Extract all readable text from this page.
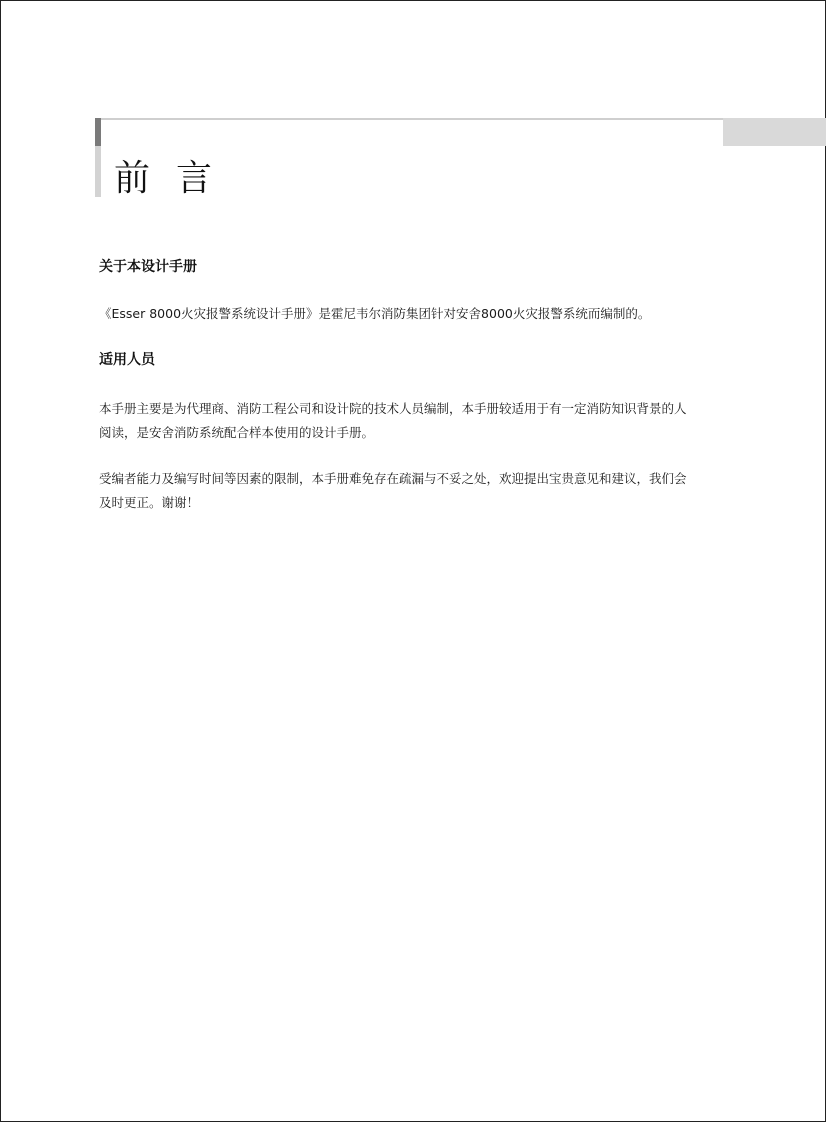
前言
关于本设计手册

《Esser 8000火灾报警系统设计手册》是霍尼韦尔消防集团针对安舍8000火灾报警系统而编制的。

适用人员

本手册主要是为代理商、消防工程公司和设计院的技术人员编制，本手册较适用于有一定消防知识背景的人
阅读，是安舍消防系统配合样本使用的设计手册。

受编者能力及编写时间等因素的限制，本手册难免存在疏漏与不妥之处，欢迎提出宝贵意见和建议，我们会
及时更正。谢谢！
